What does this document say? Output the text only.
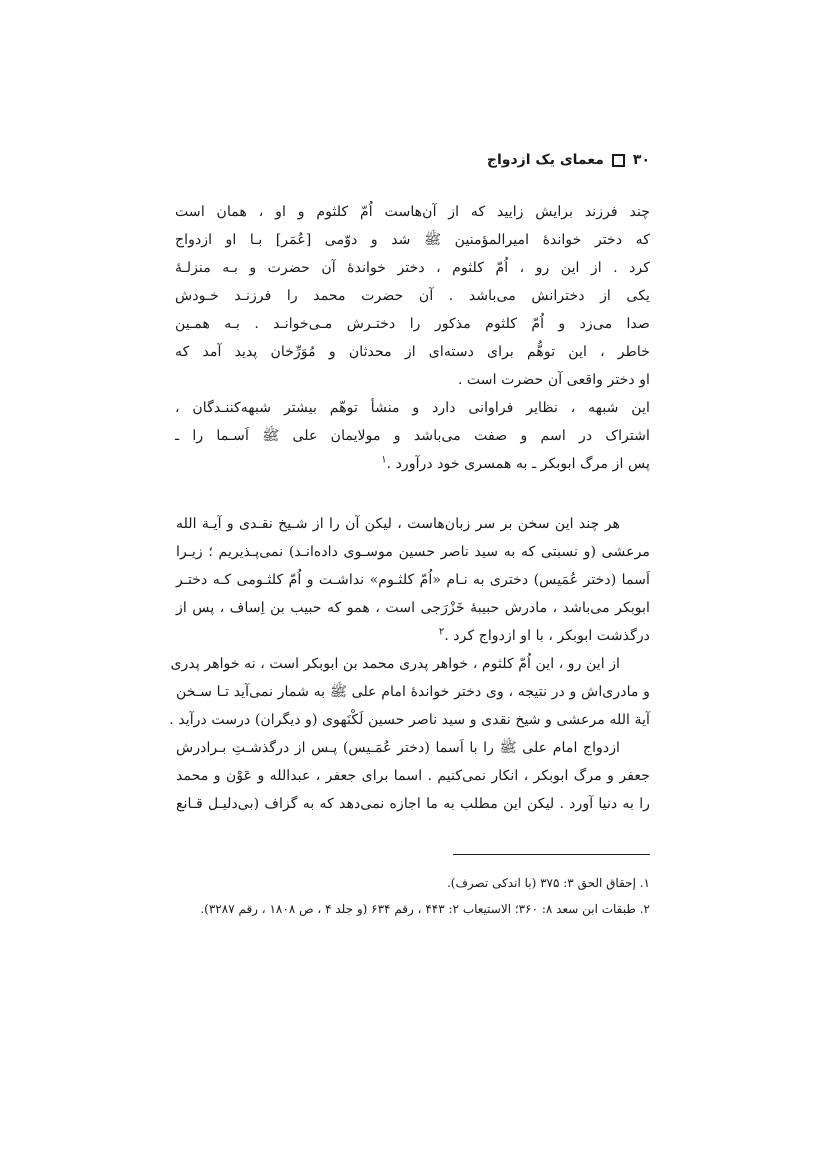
۳۰
معمای یک ازدواج
چند فرزند برایش زایید که از آن‌هاست اُمّ کلثوم و او ، همان است
که دختر خواندهٔ امیرالمؤمنین ﷺ شد و دوّمی [عُمَر] بـا او ازدواج
کرد . از این رو ، اُمّ کلثوم ، دختر خواندهٔ آن حضرت و بـه منزلـهٔ
یکی از دخترانش می‌باشد . آن حضرت محمد را فرزنـد خـودش
صدا می‌زد و اُمّ کلثوم مذکور را دختـرش مـی‌خوانـد . بـه همـین
خاطر ، این توهُّم برای دسته‌ای از محدثان و مُوَرِّخان پدید آمد که
او دختر واقعی آن حضرت است .
این شبهه ، نظایر فراوانی دارد و منشأ توهّم بیشتر شبهه‌کننـدگان ،
اشتراک در اسم و صفت می‌باشد و مولایمان علی ﷺ اَسـما را ـ
پس از مرگ ابوبکر ـ به همسری خود درآورد .$^۱$

هر چند این سخن بر سر زبان‌هاست ، لیکن آن را از شـیخ نقـدی و آیـة الله
مرعشی (و نسبتی که به سید ناصر حسین موسـوی داده‌انـد) نمی‌پـذیریم ؛ زیـرا
اَسما (دختر عُمَیس) دختری به نـام «اُمّ کلثـوم» نداشـت و اُمّ کلثـومی کـه دختـر
ابوبکر می‌باشد ، مادرش حبیبهٔ خَزْرَجی است ، همو که حبیب بن اِساف ، پس از
درگذشت ابوبکر ، با او ازدواج کرد .$^۲$

از این رو ، این اُمّ کلثوم ، خواهر پدری محمد بن ابوبکر است ، نه خواهر پدری
و مادری‌اش و در نتیجه ، وی دختر خواندهٔ امام علی ﷺ به شمار نمی‌آید تـا سـخن
آیة الله مرعشی و شیخ نقدی و سید ناصر حسین لَکْنَهوی (و دیگران) درست درآید .

ازدواج امام علی ﷺ را با اَسما (دختر عُمَـیس) پـس از درگذشـتِ بـرادرش
جعفر و مرگ ابوبکر ، انکار نمی‌کنیم . اسما برای جعفر ، عبدالله و عَوْن و محمد
را به دنیا آورد . لیکن این مطلب به ما اجازه نمی‌دهد که به گزاف (بی‌دلیـل قـانع

۱. إحقاق الحق ۳: ۳۷۵ (با اندکی تصرف).
۲. طبقات ابن سعد ۸: ۳۶۰؛ الاستیعاب ۲: ۴۴۳ ، رقم ۶۳۴ (و جلد ۴ ، ص ۱۸۰۸ ، رقم ۳۲۸۷).
